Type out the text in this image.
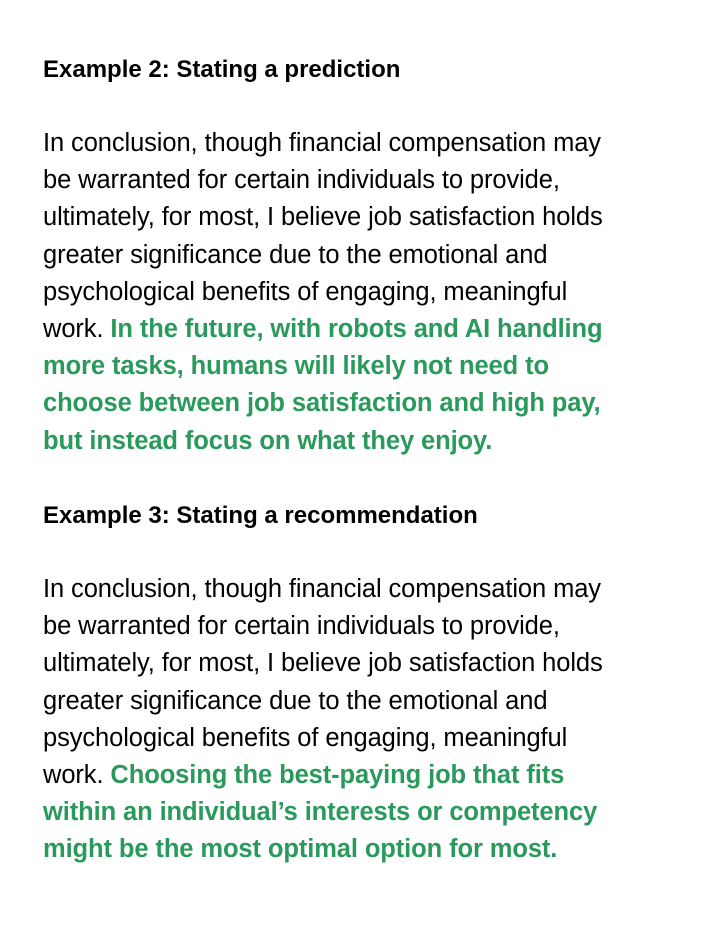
Example 2: Stating a prediction

In conclusion, though financial compensation may
be warranted for certain individuals to provide,
ultimately, for most, I believe job satisfaction holds
greater significance due to the emotional and
psychological benefits of engaging, meaningful
work. In the future, with robots and AI handling
more tasks, humans will likely not need to
choose between job satisfaction and high pay,
but instead focus on what they enjoy.

Example 3: Stating a recommendation

In conclusion, though financial compensation may
be warranted for certain individuals to provide,
ultimately, for most, I believe job satisfaction holds
greater significance due to the emotional and
psychological benefits of engaging, meaningful
work. Choosing the best-paying job that fits
within an individual’s interests or competency
might be the most optimal option for most.
